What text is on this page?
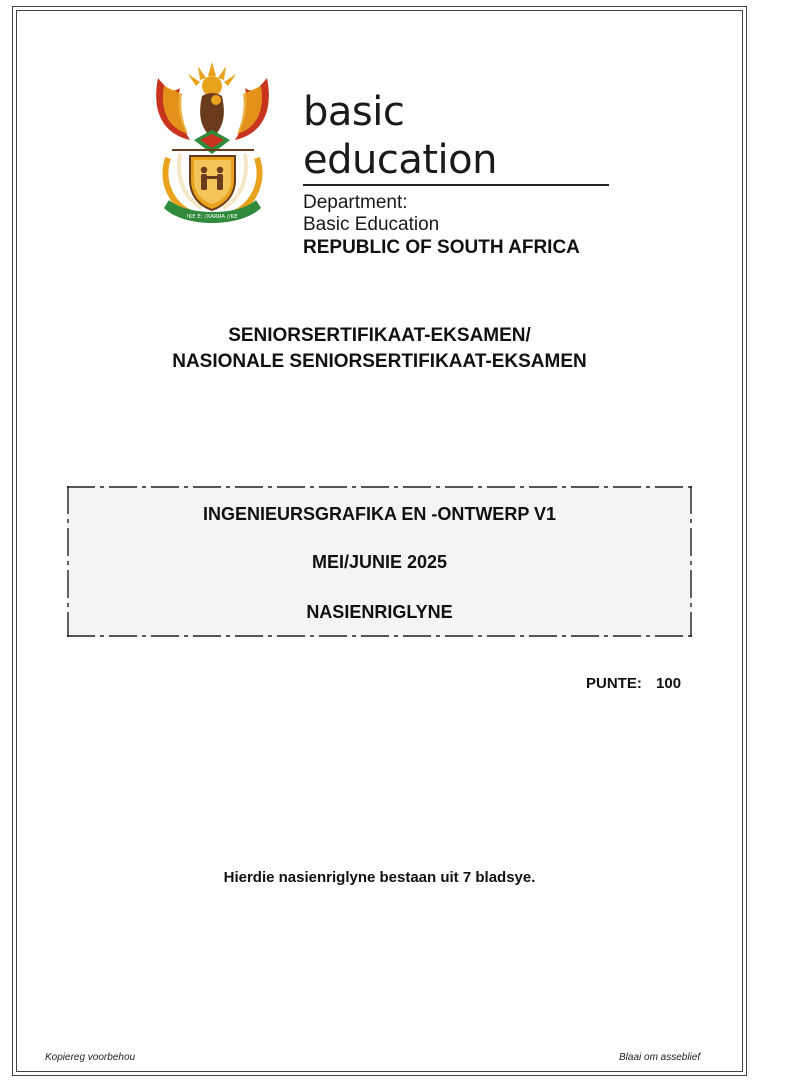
!KE E: /XARRA //KE
basic education
Department:
Basic Education
REPUBLIC OF SOUTH AFRICA
SENIORSERTIFIKAAT-EKSAMEN/
NASIONALE SENIORSERTIFIKAAT-EKSAMEN
INGENIEURSGRAFIKA EN -ONTWERP V1
MEI/JUNIE 2025
NASIENRIGLYNE
PUNTE: 100
Hierdie nasienriglyne bestaan uit 7 bladsye.
Kopiereg voorbehou	Blaai om asseblief
